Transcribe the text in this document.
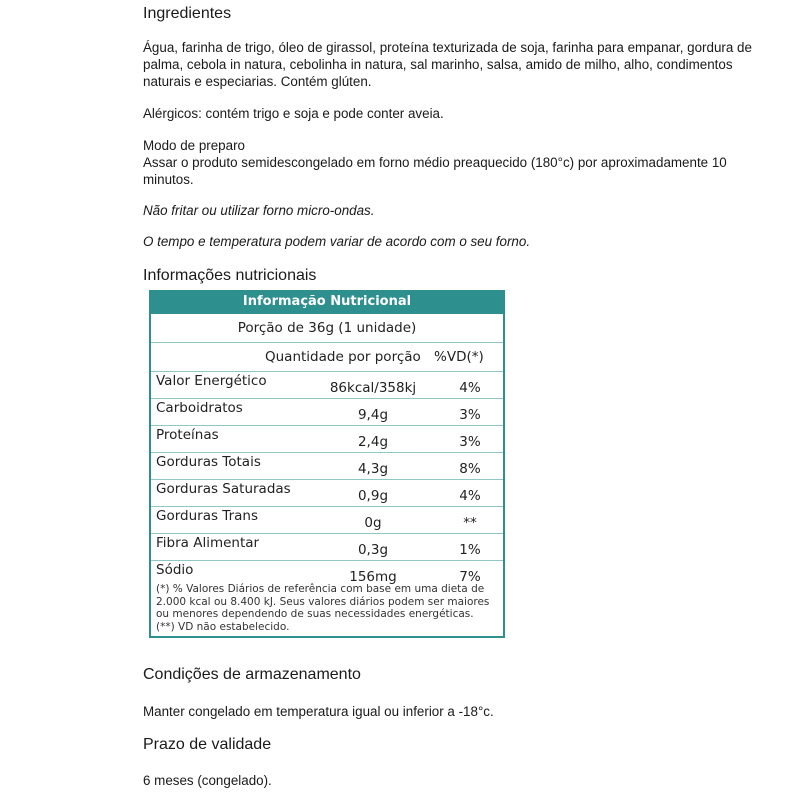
Ingredientes

Água, farinha de trigo, óleo de girassol, proteína texturizada de soja, farinha para empanar, gordura de palma, cebola in natura, cebolinha in natura, sal marinho, salsa, amido de milho, alho, condimentos naturais e especiarias. Contém glúten.

Alérgicos: contém trigo e soja e pode conter aveia.

Modo de preparo

Assar o produto semidescongelado em forno médio preaquecido (180°c) por aproximadamente 10 minutos.

Não fritar ou utilizar forno micro-ondas.

O tempo e temperatura podem variar de acordo com o seu forno.

Informações nutricionais
Informação Nutricional
Porção de 36g (1 unidade)
Quantidade por porção %VD(*)
Valor Energético	86kcal/358kj	4%
Carboidratos	9,4g	3%
Proteínas	2,4g	3%
Gorduras Totais	4,3g	8%
Gorduras Saturadas	0,9g	4%
Gorduras Trans	0g	**
Fibra Alimentar	0,3g	1%
Sódio	156mg	7%
(*) % Valores Diários de referência com base em uma dieta de 2.000 kcal ou 8.400 kJ. Seus valores diários podem ser maiores ou menores dependendo de suas necessidades energéticas.
(**) VD não estabelecido.
Condições de armazenamento

Manter congelado em temperatura igual ou inferior a -18°c.

Prazo de validade

6 meses (congelado).
